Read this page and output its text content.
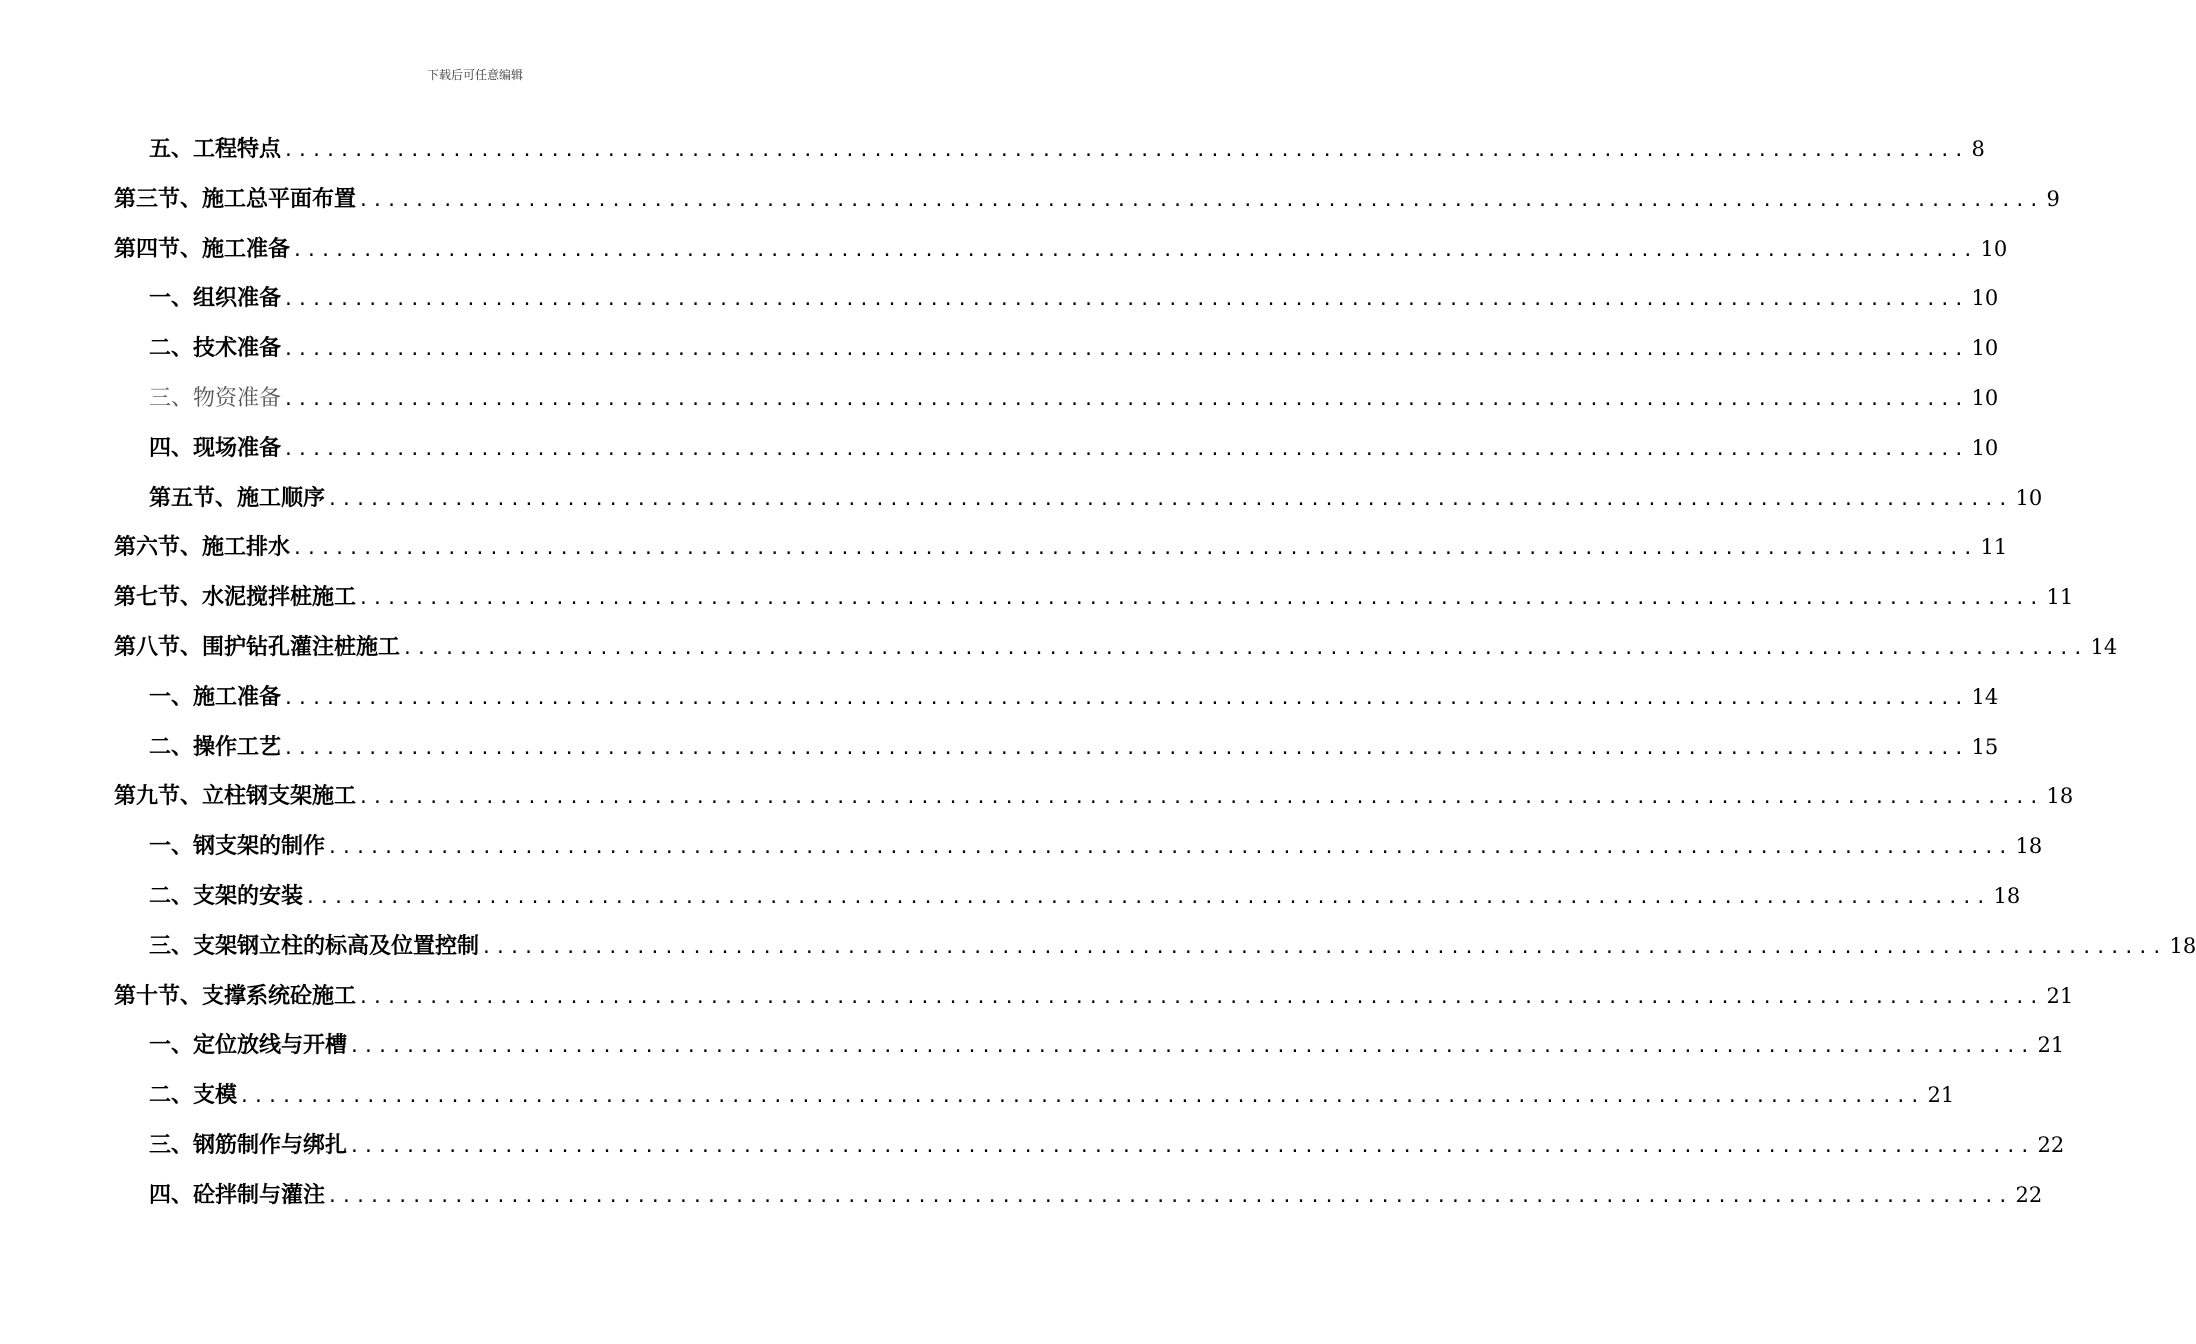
下载后可任意编辑
五、工程特点 ........................................................................................................................ 8
第三节、施工总平面布置 ........................................................................................................................ 9
第四节、施工准备 ........................................................................................................................ 10
一、组织准备 ........................................................................................................................ 10
二、技术准备 ........................................................................................................................ 10
三、物资准备 ........................................................................................................................ 10
四、现场准备 ........................................................................................................................ 10
第五节、施工顺序 ........................................................................................................................ 10
第六节、施工排水 ........................................................................................................................ 11
第七节、水泥搅拌桩施工 ........................................................................................................................ 11
第八节、围护钻孔灌注桩施工 ........................................................................................................................ 14
一、施工准备 ........................................................................................................................ 14
二、操作工艺 ........................................................................................................................ 15
第九节、立柱钢支架施工 ........................................................................................................................ 18
一、钢支架的制作 ........................................................................................................................ 18
二、支架的安装 ........................................................................................................................ 18
三、支架钢立柱的标高及位置控制 ........................................................................................................................ 18
第十节、支撑系统砼施工 ........................................................................................................................ 21
一、定位放线与开槽 ........................................................................................................................ 21
二、支模 ........................................................................................................................ 21
三、钢筋制作与绑扎 ........................................................................................................................ 22
四、砼拌制与灌注 ........................................................................................................................ 22
